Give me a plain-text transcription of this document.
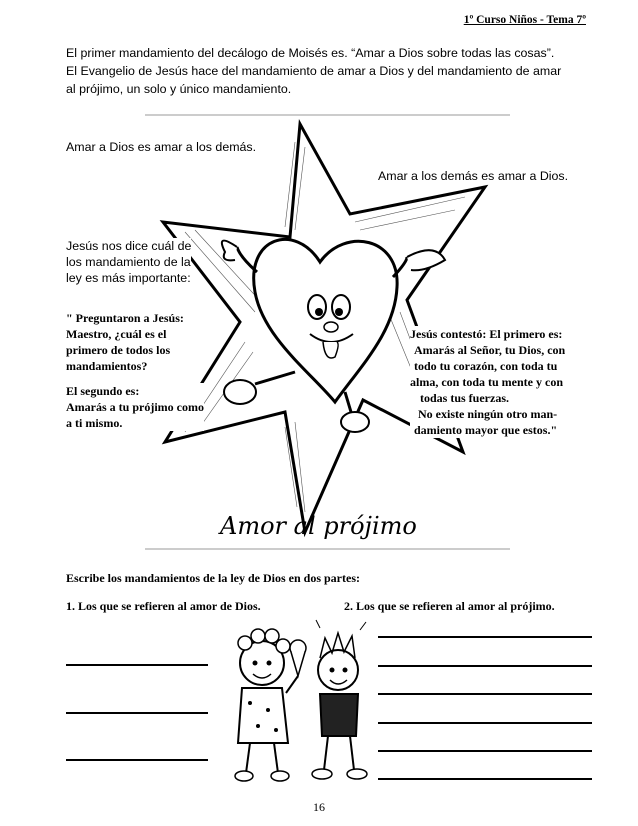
1º Curso Niños - Tema 7º
El primer mandamiento del decálogo de Moisés es. “Amar a Dios sobre todas las cosas”.
El Evangelio de Jesús hace del mandamiento de amar a Dios y del mandamiento de amar
al prójimo, un solo y único mandamiento.
Amor al prójimo
Amar a Dios es amar a los demás.
Amar a los demás es amar a Dios.
Jesús nos dice cuál de
los mandamiento de la
ley es más importante:
" Preguntaron a Jesús:
Maestro, ¿cuál es el
primero de todos los
mandamientos?
El segundo es:
Amarás a tu prójimo como
a ti mismo.
Jesús contestó: El primero es:
Amarás al Señor, tu Dios, con
todo tu corazón, con toda tu
alma, con toda tu mente y con
todas tus fuerzas.
No existe ningún otro man-
damiento mayor que estos."
Escribe los mandamientos de la ley de Dios en dos partes:
1. Los que se refieren al amor de Dios.	2. Los que se refieren al amor al prójimo.
16
